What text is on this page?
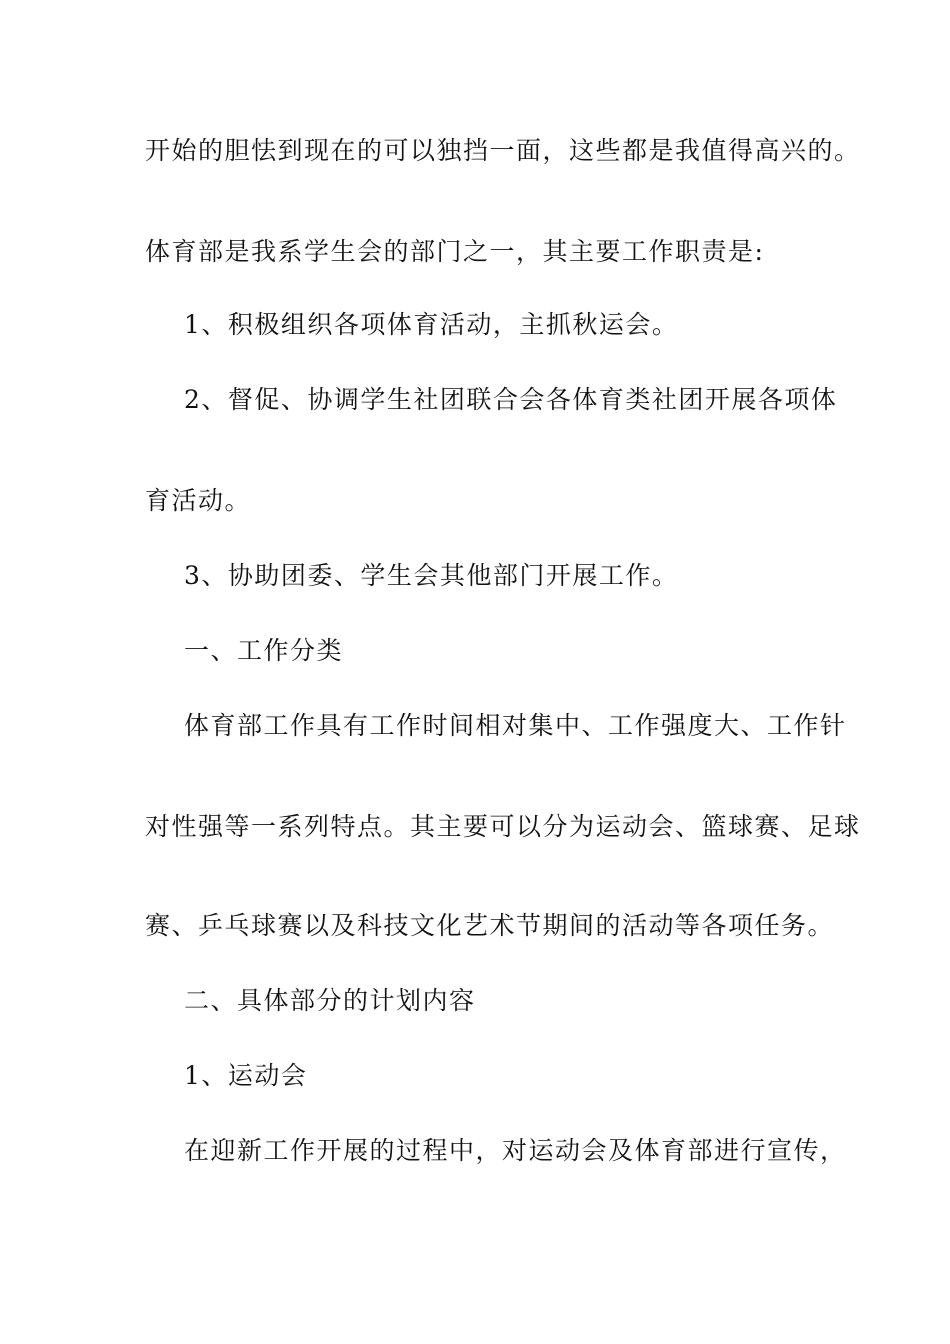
开始的胆怯到现在的可以独挡一面，这些都是我值得高兴的。
体育部是我系学生会的部门之一，其主要工作职责是:
1、积极组织各项体育活动，主抓秋运会。
2、督促、协调学生社团联合会各体育类社团开展各项体
育活动。
3、协助团委、学生会其他部门开展工作。
一、工作分类
体育部工作具有工作时间相对集中、工作强度大、工作针
对性强等一系列特点。其主要可以分为运动会、篮球赛、足球
赛、乒乓球赛以及科技文化艺术节期间的活动等各项任务。
二、具体部分的计划内容
1、运动会
在迎新工作开展的过程中，对运动会及体育部进行宣传，
